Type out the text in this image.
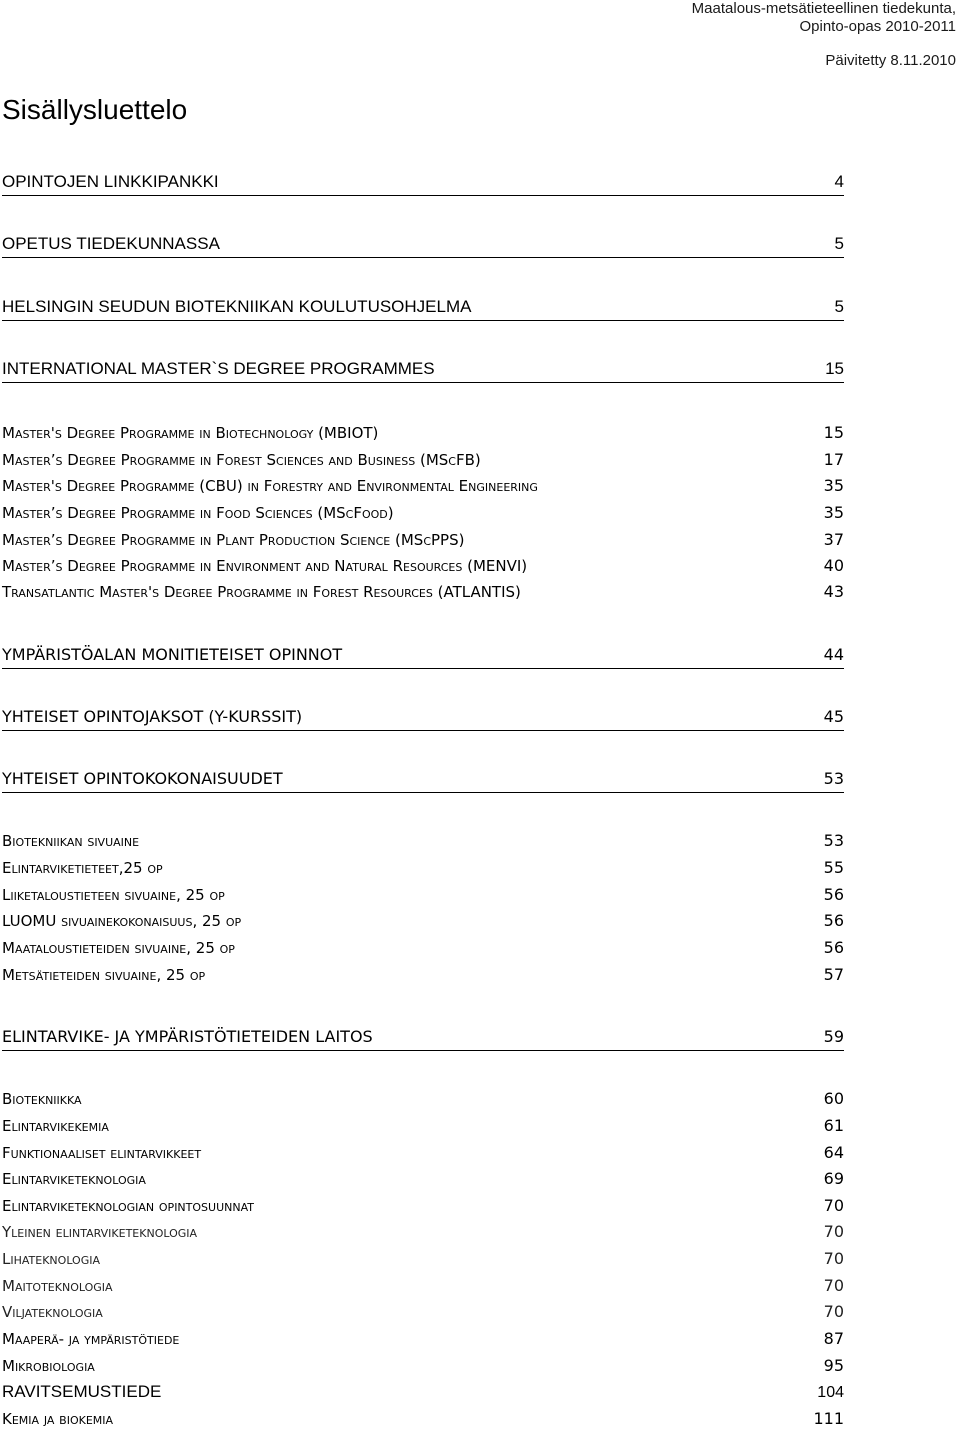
Maatalous-metsätieteellinen tiedekunta,
Opinto-opas 2010-2011
Päivitetty 8.11.2010
Sisällysluettelo
OPINTOJEN LINKKIPANKKI	4
OPETUS TIEDEKUNNASSA	5
HELSINGIN SEUDUN BIOTEKNIIKAN KOULUTUSOHJELMA	5
INTERNATIONAL MASTER`S DEGREE PROGRAMMES	15
Master's Degree Programme in Biotechnology (MBIOT)	15
Master’s Degree Programme in Forest Sciences and Business (MScFB)	17
Master's Degree Programme (CBU) in Forestry and Environmental Engineering	35
Master’s Degree Programme in Food Sciences (MScFood)	35
Master’s Degree Programme in Plant Production Science (MScPPS)	37
Master’s Degree Programme in Environment and Natural Resources (MENVI)	40
Transatlantic Master's Degree Programme in Forest Resources (ATLANTIS)	43
YMPÄRISTÖALAN MONITIETEISET OPINNOT	44
YHTEISET OPINTOJAKSOT (Y-KURSSIT)	45
YHTEISET OPINTOKOKONAISUUDET	53
Biotekniikan sivuaine	53
Elintarviketieteet,25 op	55
Liiketaloustieteen sivuaine, 25 op	56
LUOMU sivuainekokonaisuus, 25 op	56
Maataloustieteiden sivuaine, 25 op	56
Metsätieteiden sivuaine, 25 op	57
ELINTARVIKE- JA YMPÄRISTÖTIETEIDEN LAITOS	59
Biotekniikka	60
Elintarvikekemia	61
Funktionaaliset elintarvikkeet	64
Elintarviketeknologia	69
Elintarviketeknologian opintosuunnat	70
Yleinen elintarviketeknologia	70
Lihateknologia	70
Maitoteknologia	70
Viljateknologia	70
Maaperä- ja ympäristötiede	87
Mikrobiologia	95
RAVITSEMUSTIEDE	104
Kemia ja biokemia	111
